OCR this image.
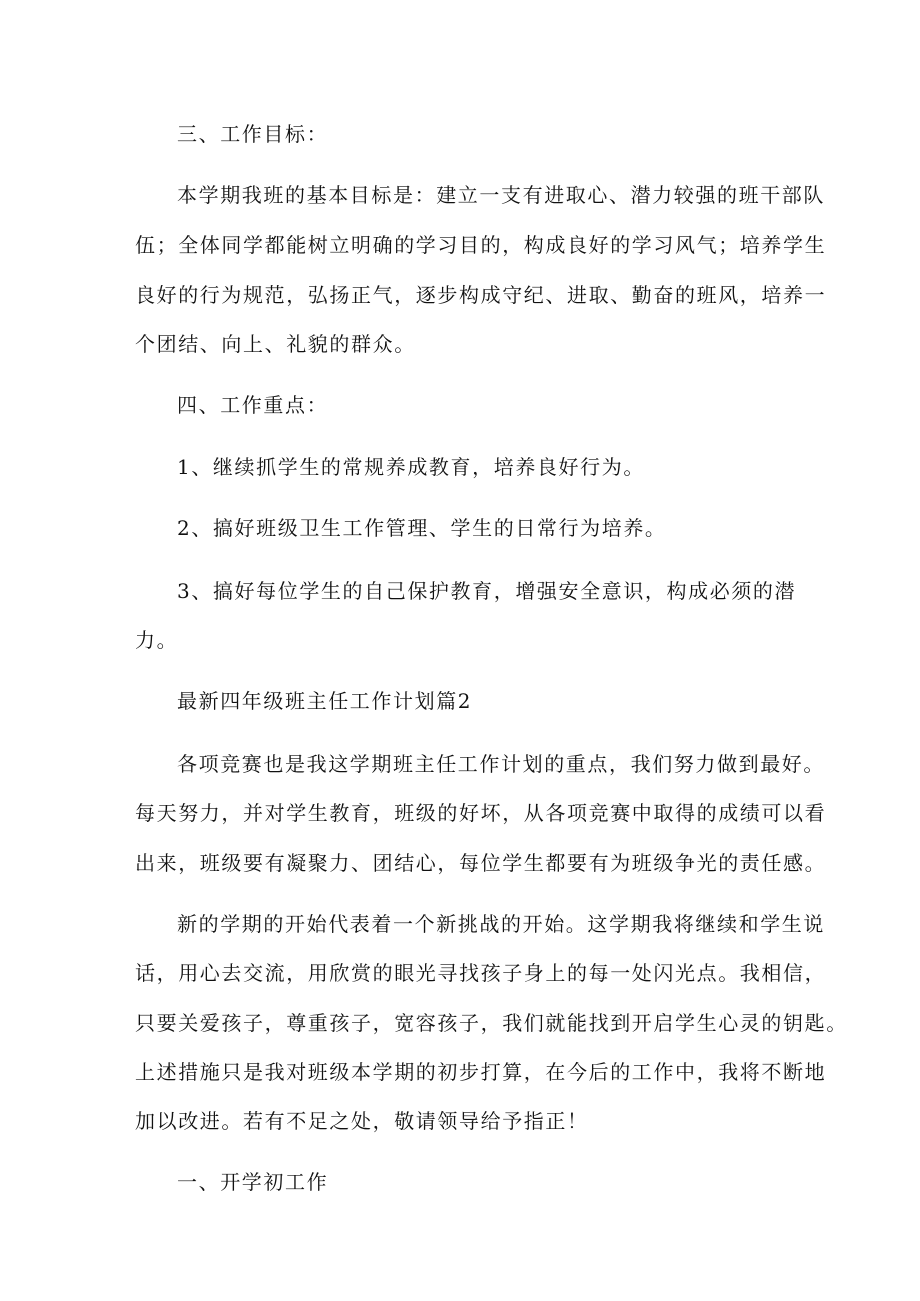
三、工作目标：

本学期我班的基本目标是：建立一支有进取心、潜力较强的班干部队

伍；全体同学都能树立明确的学习目的，构成良好的学习风气；培养学生

良好的行为规范，弘扬正气，逐步构成守纪、进取、勤奋的班风，培养一

个团结、向上、礼貌的群众。

四、工作重点：

1、继续抓学生的常规养成教育，培养良好行为。

2、搞好班级卫生工作管理、学生的日常行为培养。

3、搞好每位学生的自己保护教育，增强安全意识，构成必须的潜

力。

最新四年级班主任工作计划篇2

各项竞赛也是我这学期班主任工作计划的重点，我们努力做到最好。

每天努力，并对学生教育，班级的好坏，从各项竞赛中取得的成绩可以看

出来，班级要有凝聚力、团结心，每位学生都要有为班级争光的责任感。

新的学期的开始代表着一个新挑战的开始。这学期我将继续和学生说

话，用心去交流，用欣赏的眼光寻找孩子身上的每一处闪光点。我相信，

只要关爱孩子，尊重孩子，宽容孩子，我们就能找到开启学生心灵的钥匙。

上述措施只是我对班级本学期的初步打算，在今后的工作中，我将不断地

加以改进。若有不足之处，敬请领导给予指正！

一、开学初工作
